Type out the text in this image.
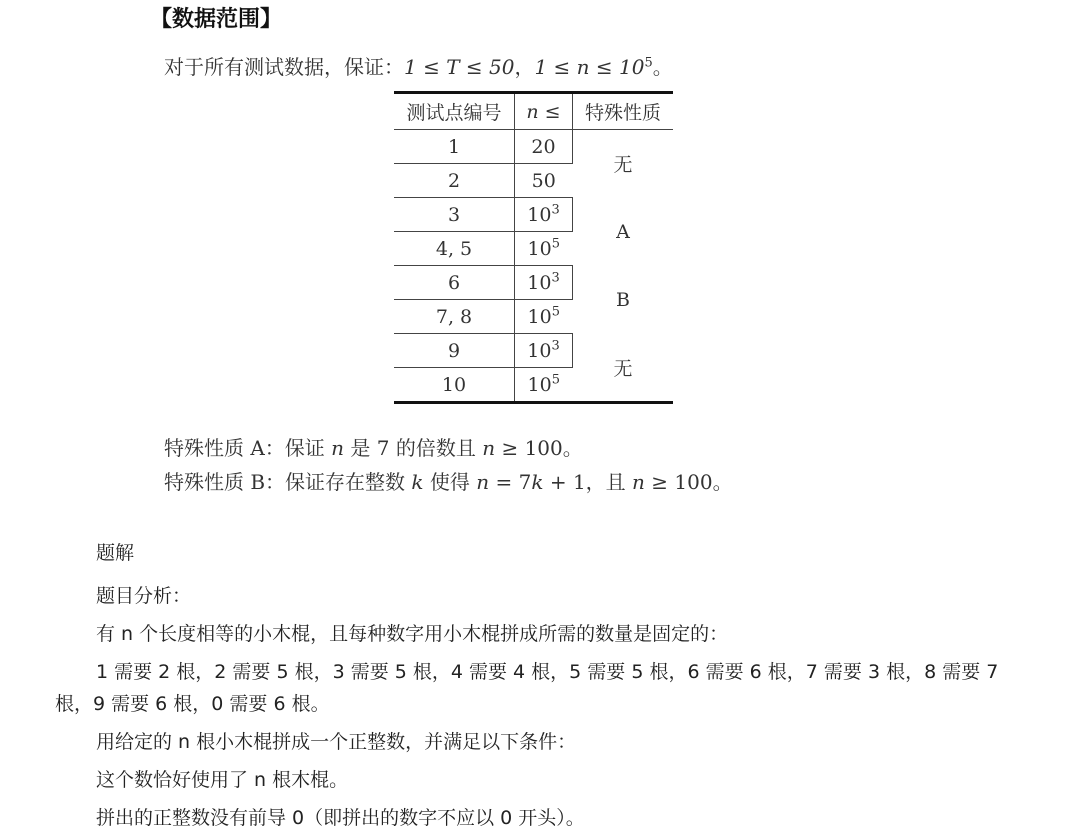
【数据范围】
对于所有测试数据，保证：1 ≤ T ≤ 50，$1 \le n \le 10^5$。
测试点编号	n ≤	特殊性质
1	20	无
2	50	
3	$10^3$	A
4, 5	$10^5$
6	$10^3$	B
7, 8	$10^5$
9	$10^3$	无
10	$10^5$
特殊性质 A：保证 n 是 7 的倍数且 n ≥ 100。
特殊性质 B：保证存在整数 k 使得 n = 7k + 1，且 n ≥ 100。
题解
题目分析：
有 n 个长度相等的小木棍，且每种数字用小木棍拼成所需的数量是固定的：
1 需要 2 根，2 需要 5 根，3 需要 5 根，4 需要 4 根，5 需要 5 根，6 需要 6 根，7 需要 3 根，8 需要 7
根，9 需要 6 根，0 需要 6 根。
用给定的 n 根小木棍拼成一个正整数，并满足以下条件：
这个数恰好使用了 n 根木棍。
拼出的正整数没有前导 0（即拼出的数字不应以 0 开头）。
